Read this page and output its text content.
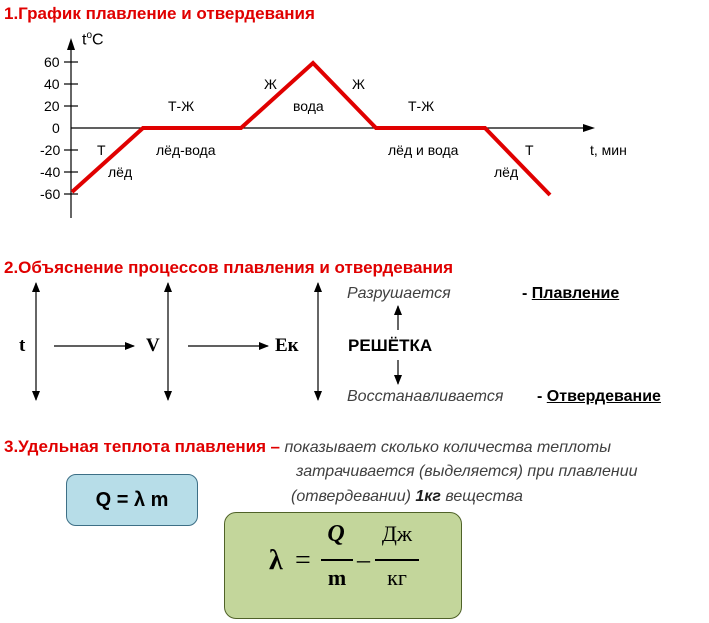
1.График плавление и отвердевания
$t^oC$
60
40
20
0
-20
-40
-60
t, мин
Т
лёд
Т-Ж
лёд-вода
Ж
вода
Ж
Т-Ж
лёд и вода	Т
лёд
2.Объяснение процессов плавления и отвердевания
t	V	Ек
Разрушается	- Плавление
РЕШЁТКА
Восстанавливается - Отвердевание
3.Удельная теплота плавления – показывает сколько количества теплоты
затрачивается (выделяется) при плавлении
(отвердевании) 1кг вещества
Q = λ m
λ =
Q
m
–
Дж
кг
